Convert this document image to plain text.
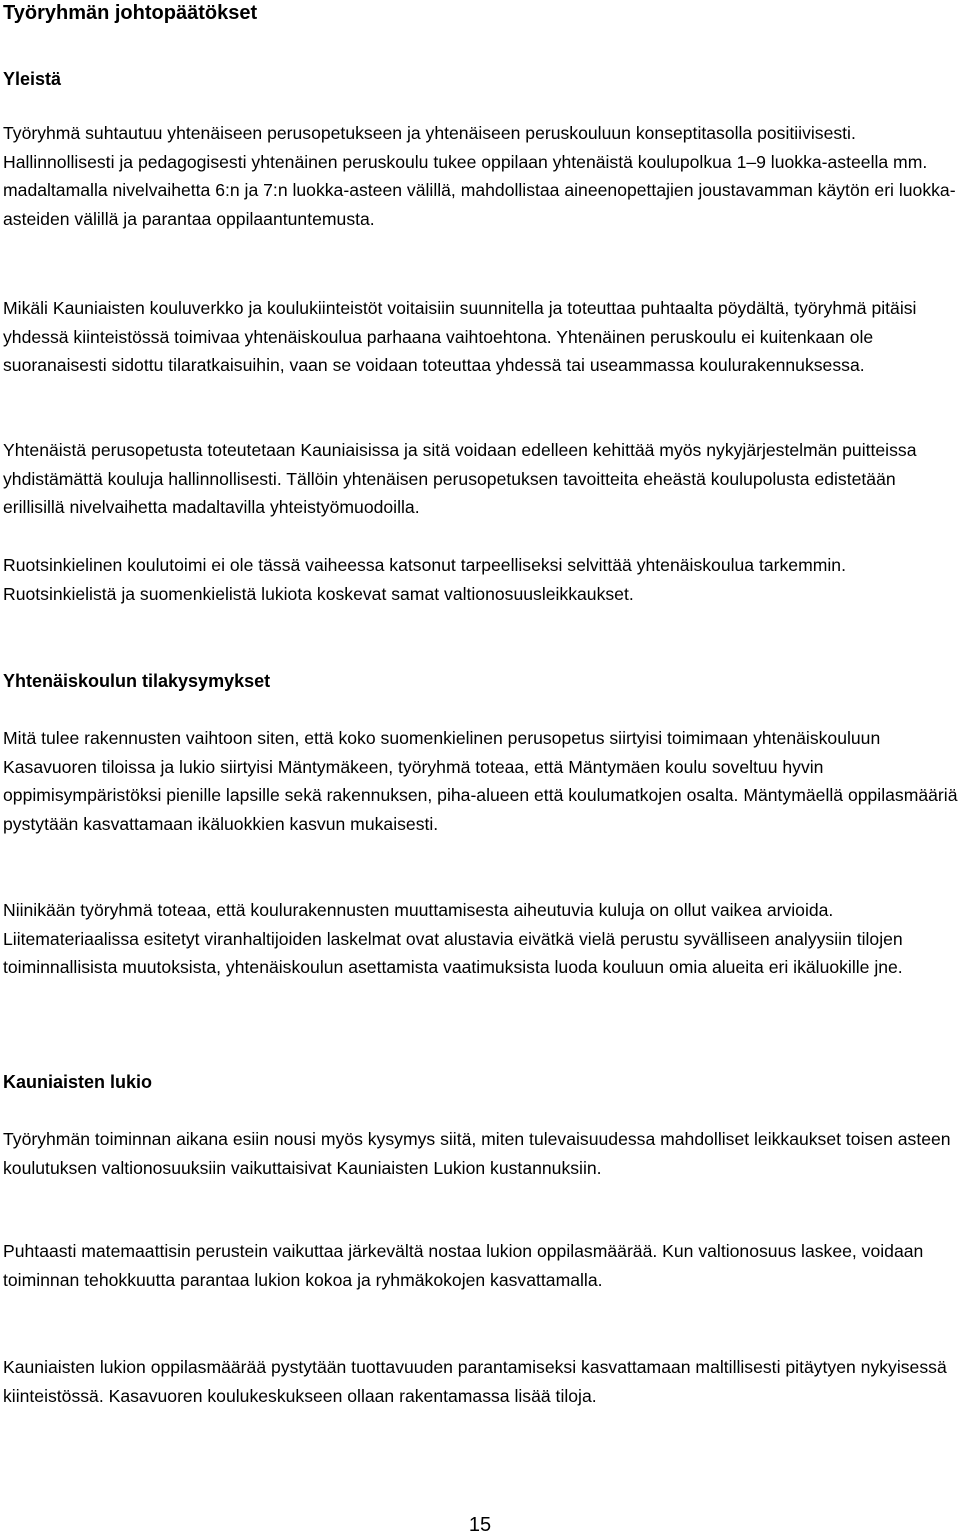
Työryhmän johtopäätökset
Yleistä

Työryhmä suhtautuu yhtenäiseen perusopetukseen ja yhtenäiseen peruskouluun konseptitasolla positiivisesti. Hallinnollisesti ja pedagogisesti yhtenäinen peruskoulu tukee oppilaan yhtenäistä koulupolkua 1–9 luokka-asteella mm. madaltamalla nivelvaihetta 6:n ja 7:n luokka-asteen välillä, mahdollistaa aineenopettajien joustavamman käytön eri luokka-asteiden välillä ja parantaa oppilaantuntemusta.

Mikäli Kauniaisten kouluverkko ja koulukiinteistöt voitaisiin suunnitella ja toteuttaa puhtaalta pöydältä, työryhmä pitäisi yhdessä kiinteistössä toimivaa yhtenäiskoulua parhaana vaihtoehtona. Yhtenäinen peruskoulu ei kuitenkaan ole suoranaisesti sidottu tilaratkaisuihin, vaan se voidaan toteuttaa yhdessä tai useammassa koulurakennuksessa.

Yhtenäistä perusopetusta toteutetaan Kauniaisissa ja sitä voidaan edelleen kehittää myös nykyjärjestelmän puitteissa yhdistämättä kouluja hallinnollisesti. Tällöin yhtenäisen perusopetuksen tavoitteita eheästä koulupolusta edistetään erillisillä nivelvaihetta madaltavilla yhteistyömuodoilla.

Ruotsinkielinen koulutoimi ei ole tässä vaiheessa katsonut tarpeelliseksi selvittää yhtenäiskoulua tarkemmin. Ruotsinkielistä ja suomenkielistä lukiota koskevat samat valtionosuusleikkaukset.

Yhtenäiskoulun tilakysymykset

Mitä tulee rakennusten vaihtoon siten, että koko suomenkielinen perusopetus siirtyisi toimimaan yhtenäiskouluun Kasavuoren tiloissa ja lukio siirtyisi Mäntymäkeen, työryhmä toteaa, että Mäntymäen koulu soveltuu hyvin oppimisympäristöksi pienille lapsille sekä rakennuksen, piha-alueen että koulumatkojen osalta. Mäntymäellä oppilasmääriä pystytään kasvattamaan ikäluokkien kasvun mukaisesti.

Niinikään työryhmä toteaa, että koulurakennusten muuttamisesta aiheutuvia kuluja on ollut vaikea arvioida. Liitemateriaalissa esitetyt viranhaltijoiden laskelmat ovat alustavia eivätkä vielä perustu syvälliseen analyysiin tilojen toiminnallisista muutoksista, yhtenäiskoulun asettamista vaatimuksista luoda kouluun omia alueita eri ikäluokille jne.

Kauniaisten lukio

Työryhmän toiminnan aikana esiin nousi myös kysymys siitä, miten tulevaisuudessa mahdolliset leikkaukset toisen asteen koulutuksen valtionosuuksiin vaikuttaisivat Kauniaisten Lukion kustannuksiin.

Puhtaasti matemaattisin perustein vaikuttaa järkevältä nostaa lukion oppilasmäärää. Kun valtionosuus laskee, voidaan toiminnan tehokkuutta parantaa lukion kokoa ja ryhmäkokojen kasvattamalla.

Kauniaisten lukion oppilasmäärää pystytään tuottavuuden parantamiseksi kasvattamaan maltillisesti pitäytyen nykyisessä kiinteistössä. Kasavuoren koulukeskukseen ollaan rakentamassa lisää tiloja.

15
